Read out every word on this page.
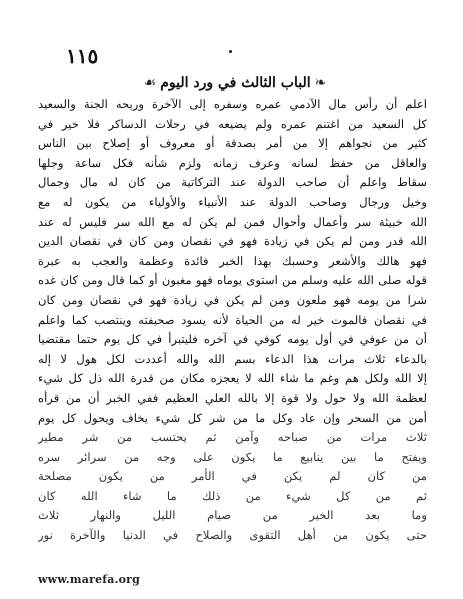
١١٥
❧
الباب الثالث في ورد اليوم
☙
اعلم أن رأس مال الآدمي عمره وسفره إلى الآخرة وربحه الجنة والسعيد
كل السعيد من اغتنم عمره ولم يضيعه في رحلات الدساكر فلا خير في
كثير من نجواهم إلا من أمر بصدقة أو معروف أو إصلاح بين الناس
والعاقل من حفظ لسانه وعرف زمانه ولزم شأنه فكل ساعة وجلها
سقاط واعلم أن صاحب الدولة عند التركاتية من كان له مال وجمال
وخيل ورجال وصاحب الدولة عند الأنبياء والأولياء من يكون له مع
الله خبيئة سر وأعمال وأحوال فمن لم يكن له مع الله سر فليس له عند
الله قدر ومن لم يكن في زيادة فهو في نقصان ومن كان في نقصان الدين
فهو هالك والأشعر وحسبك بهذا الخبر فائدة وعظمة والعجب به عبرة
قوله صلى الله عليه وسلم من استوى يوماه فهو مغبون أو كما قال ومن كان غده
شرا من يومه فهو ملعون ومن لم يكن في زيادة فهو في نقصان ومن كان
في نقصان فالموت خير له من الحياة لأنه يسود صحيفته وينتصب كما واعلم
أن من عوفي في أول يومه كوفي في آخره فليتبرأ في كل يوم حتما مقتضيا
بالدعاء ثلاث مرات هذا الدعاء بسم الله والله أعددت لكل هول لا إله
إلا الله ولكل هم وغم ما شاء الله لا يعجزه مكان من قدرة الله ذل كل شيء
لعظمة الله ولا حول ولا قوة إلا بالله العلي العظيم ففي الخبر أن من قرأه
أمن من السحر وإن عاد وكل ما من شر كل شيء يخاف ويحول كل يوم
ثلاث مرات من صباحه وآمن ثم يحتسب من شر مطير
ويفتح ما بين ينابيع ما يكون على وجه من سرائر سره
من كان لم يكن في الأمر من يكون مصلحة
ثم من كل شيء من ذلك ما شاء الله كان
وما بعد الخير من صيام الليل والنهار ثلاث
حتى يكون من أهل التقوى والصلاح في الدنيا والآخرة نور
www.marefa.org
